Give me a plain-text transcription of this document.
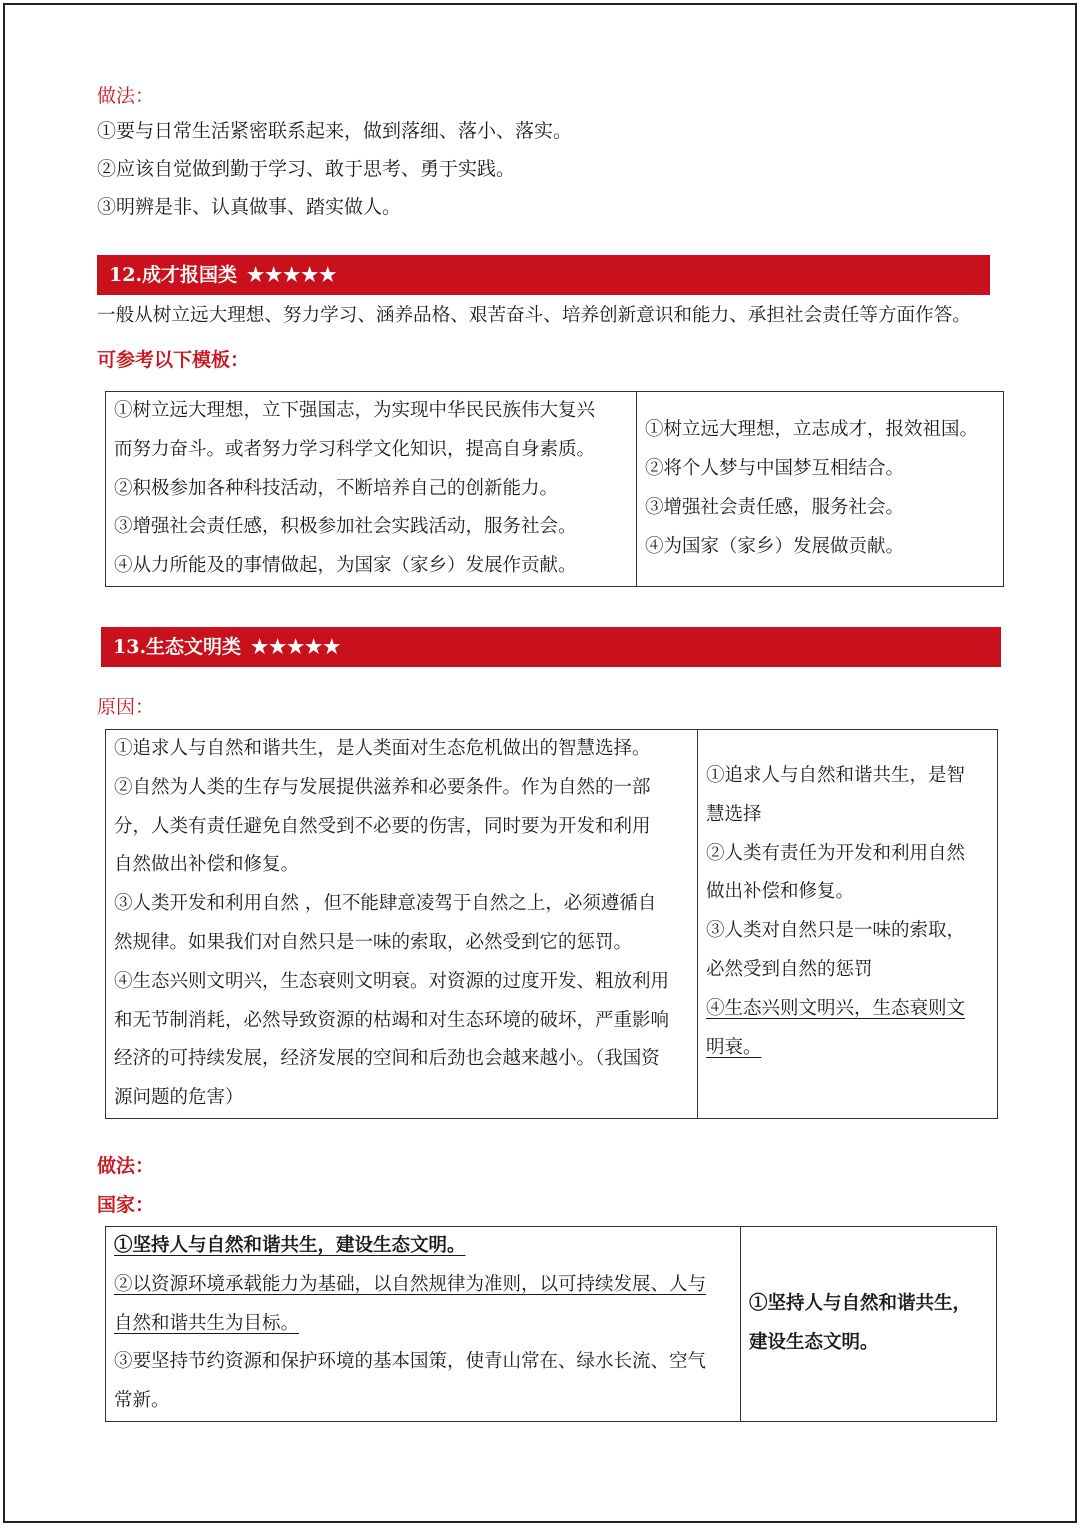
做法：
①要与日常生活紧密联系起来，做到落细、落小、落实。
②应该自觉做到勤于学习、敢于思考、勇于实践。
③明辨是非、认真做事、踏实做人。
12.成才报国类 ★★★★★
一般从树立远大理想、努力学习、涵养品格、艰苦奋斗、培养创新意识和能力、承担社会责任等方面作答。
可参考以下模板：
①树立远大理想，立下强国志，为实现中华民民族伟大复兴
而努力奋斗。或者努力学习科学文化知识，提高自身素质。
②积极参加各种科技活动，不断培养自己的创新能力。
③增强社会责任感，积极参加社会实践活动，服务社会。
④从力所能及的事情做起，为国家（家乡）发展作贡献。

①树立远大理想，立志成才，报效祖国。
②将个人梦与中国梦互相结合。
③增强社会责任感，服务社会。
④为国家（家乡）发展做贡献。
13.生态文明类 ★★★★★
原因：
①追求人与自然和谐共生，是人类面对生态危机做出的智慧选择。
②自然为人类的生存与发展提供滋养和必要条件。作为自然的一部
分，人类有责任避免自然受到不必要的伤害，同时要为开发和利用
自然做出补偿和修复。
③人类开发和利用自然 ，但不能肆意凌驾于自然之上，必须遵循自
然规律。如果我们对自然只是一味的索取，必然受到它的惩罚。
④生态兴则文明兴，生态衰则文明衰。对资源的过度开发、粗放利用
和无节制消耗，必然导致资源的枯竭和对生态环境的破坏，严重影响
经济的可持续发展，经济发展的空间和后劲也会越来越小。（我国资
源问题的危害）

①追求人与自然和谐共生，是智
慧选择
②人类有责任为开发和利用自然
做出补偿和修复。
③人类对自然只是一味的索取，
必然受到自然的惩罚
④生态兴则文明兴，生态衰则文
明衰。
做法：
国家：
①坚持人与自然和谐共生，建设生态文明。
②以资源环境承载能力为基础，以自然规律为准则，以可持续发展、人与
自然和谐共生为目标。
③要坚持节约资源和保护环境的基本国策，使青山常在、绿水长流、空气
常新。

①坚持人与自然和谐共生，
建设生态文明。
